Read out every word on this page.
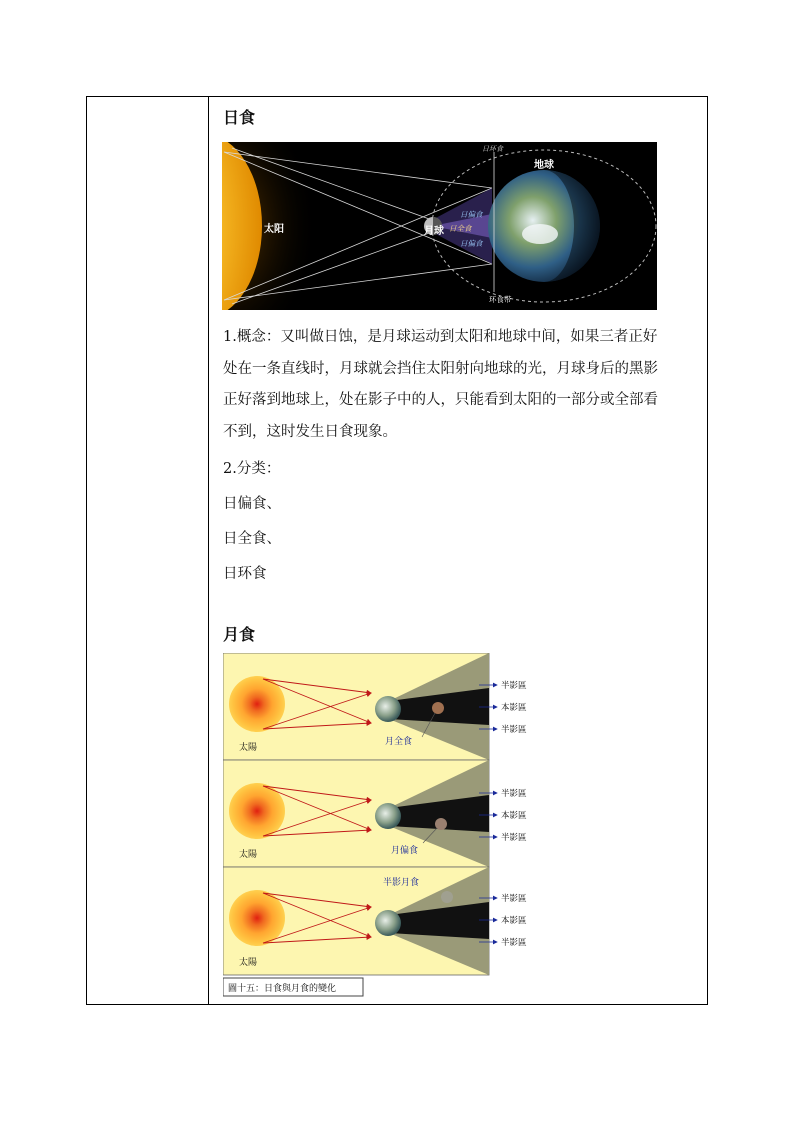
日食
太阳	月球
地球
日环食
日偏食
日全食
日偏食
环食带
1.概念：又叫做日蚀，是月球运动到太阳和地球中间，如果三者正好
处在一条直线时，月球就会挡住太阳射向地球的光，月球身后的黑影
正好落到地球上，处在影子中的人，只能看到太阳的一部分或全部看
不到，这时发生日食现象。
2.分类：
日偏食、
日全食、
日环食
月食
太陽
月全食
半影區
本影區
半影區
太陽	月偏食
半影區
本影區
半影區
太陽
半影月食
半影區
本影區
半影區
圖十五：日食與月食的變化
